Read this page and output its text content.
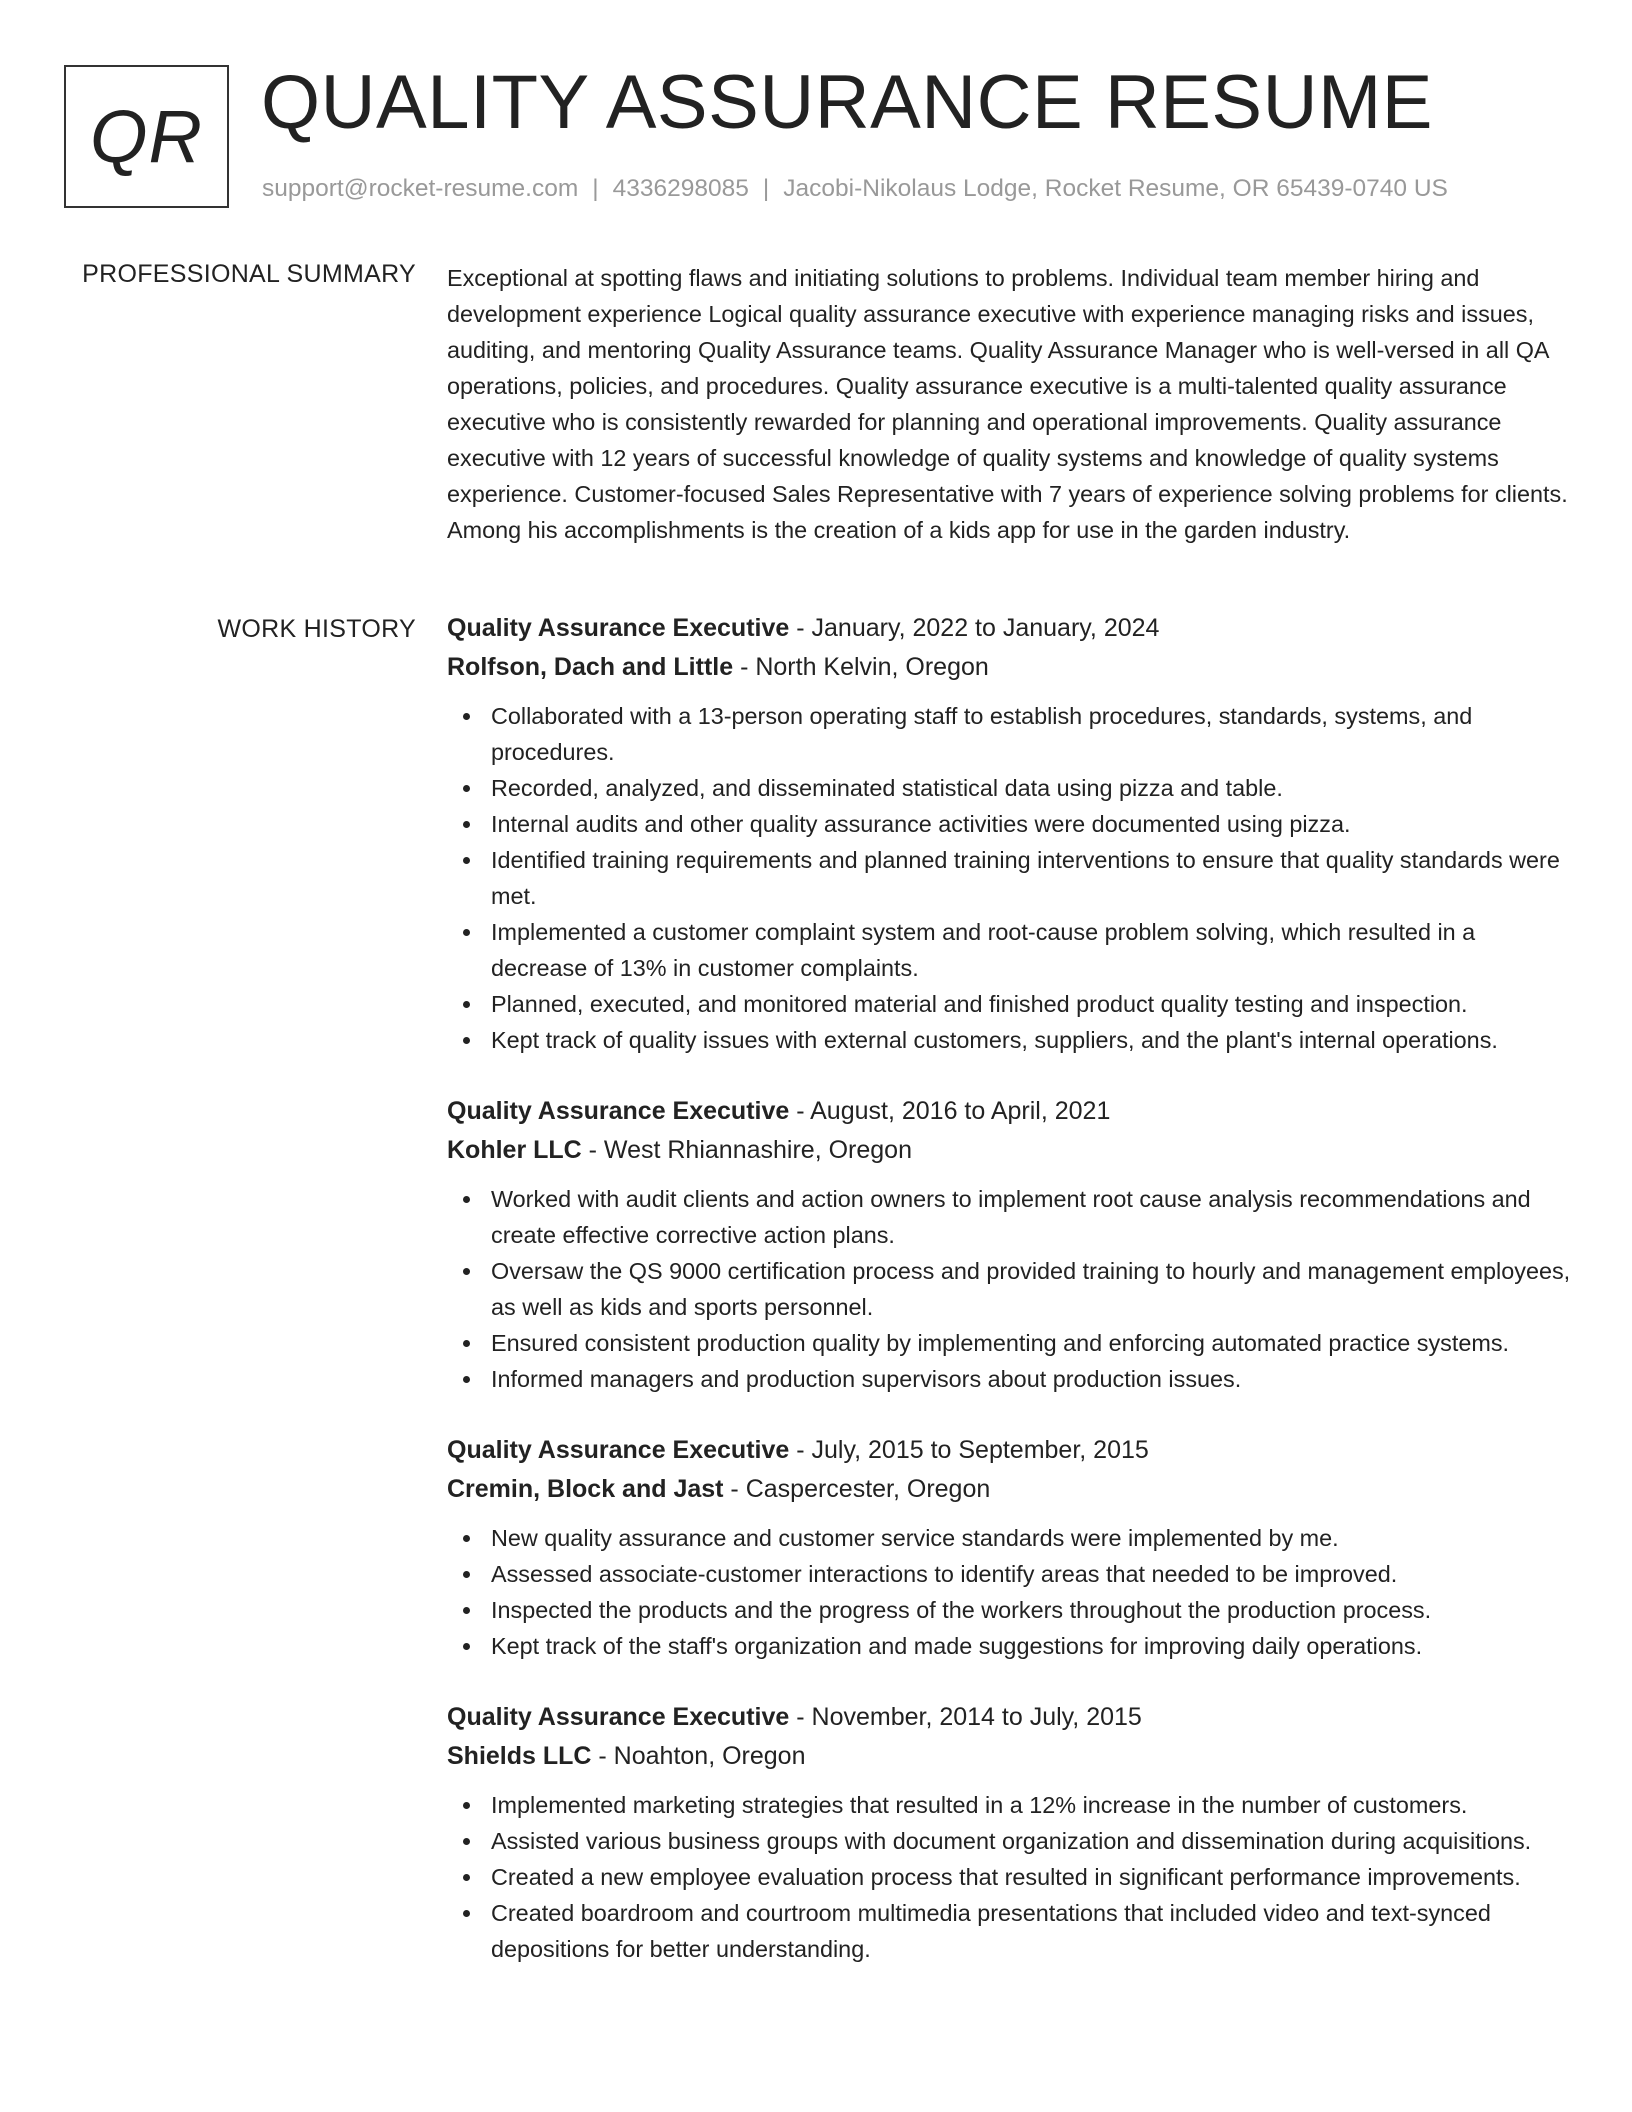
QR QUALITY ASSURANCE RESUME
support@rocket-resume.com | 4336298085 | Jacobi-Nikolaus Lodge, Rocket Resume, OR 65439-0740 US
PROFESSIONAL SUMMARY Exceptional at spotting flaws and initiating solutions to problems. Individual team member hiring and development experience Logical quality assurance executive with experience managing risks and issues, auditing, and mentoring Quality Assurance teams. Quality Assurance Manager who is well-versed in all QA operations, policies, and procedures. Quality assurance executive is a multi-talented quality assurance executive who is consistently rewarded for planning and operational improvements. Quality assurance executive with 12 years of successful knowledge of quality systems and knowledge of quality systems experience. Customer-focused Sales Representative with 7 years of experience solving problems for clients. Among his accomplishments is the creation of a kids app for use in the garden industry.

WORK HISTORY Quality Assurance Executive - January, 2022 to January, 2024
Rolfson, Dach and Little - North Kelvin, Oregon
Collaborated with a 13-person operating staff to establish procedures, standards, systems, and procedures.
Recorded, analyzed, and disseminated statistical data using pizza and table.
Internal audits and other quality assurance activities were documented using pizza.
Identified training requirements and planned training interventions to ensure that quality standards were met.
Implemented a customer complaint system and root-cause problem solving, which resulted in a decrease of 13% in customer complaints.
Planned, executed, and monitored material and finished product quality testing and inspection.
Kept track of quality issues with external customers, suppliers, and the plant's internal operations.
Quality Assurance Executive - August, 2016 to April, 2021
Kohler LLC - West Rhiannashire, Oregon
Worked with audit clients and action owners to implement root cause analysis recommendations and create effective corrective action plans.
Oversaw the QS 9000 certification process and provided training to hourly and management employees, as well as kids and sports personnel.
Ensured consistent production quality by implementing and enforcing automated practice systems.
Informed managers and production supervisors about production issues.
Quality Assurance Executive - July, 2015 to September, 2015
Cremin, Block and Jast - Caspercester, Oregon
New quality assurance and customer service standards were implemented by me.
Assessed associate-customer interactions to identify areas that needed to be improved.
Inspected the products and the progress of the workers throughout the production process.
Kept track of the staff's organization and made suggestions for improving daily operations.
Quality Assurance Executive - November, 2014 to July, 2015
Shields LLC - Noahton, Oregon
Implemented marketing strategies that resulted in a 12% increase in the number of customers.
Assisted various business groups with document organization and dissemination during acquisitions.
Created a new employee evaluation process that resulted in significant performance improvements.
Created boardroom and courtroom multimedia presentations that included video and text-synced depositions for better understanding.
